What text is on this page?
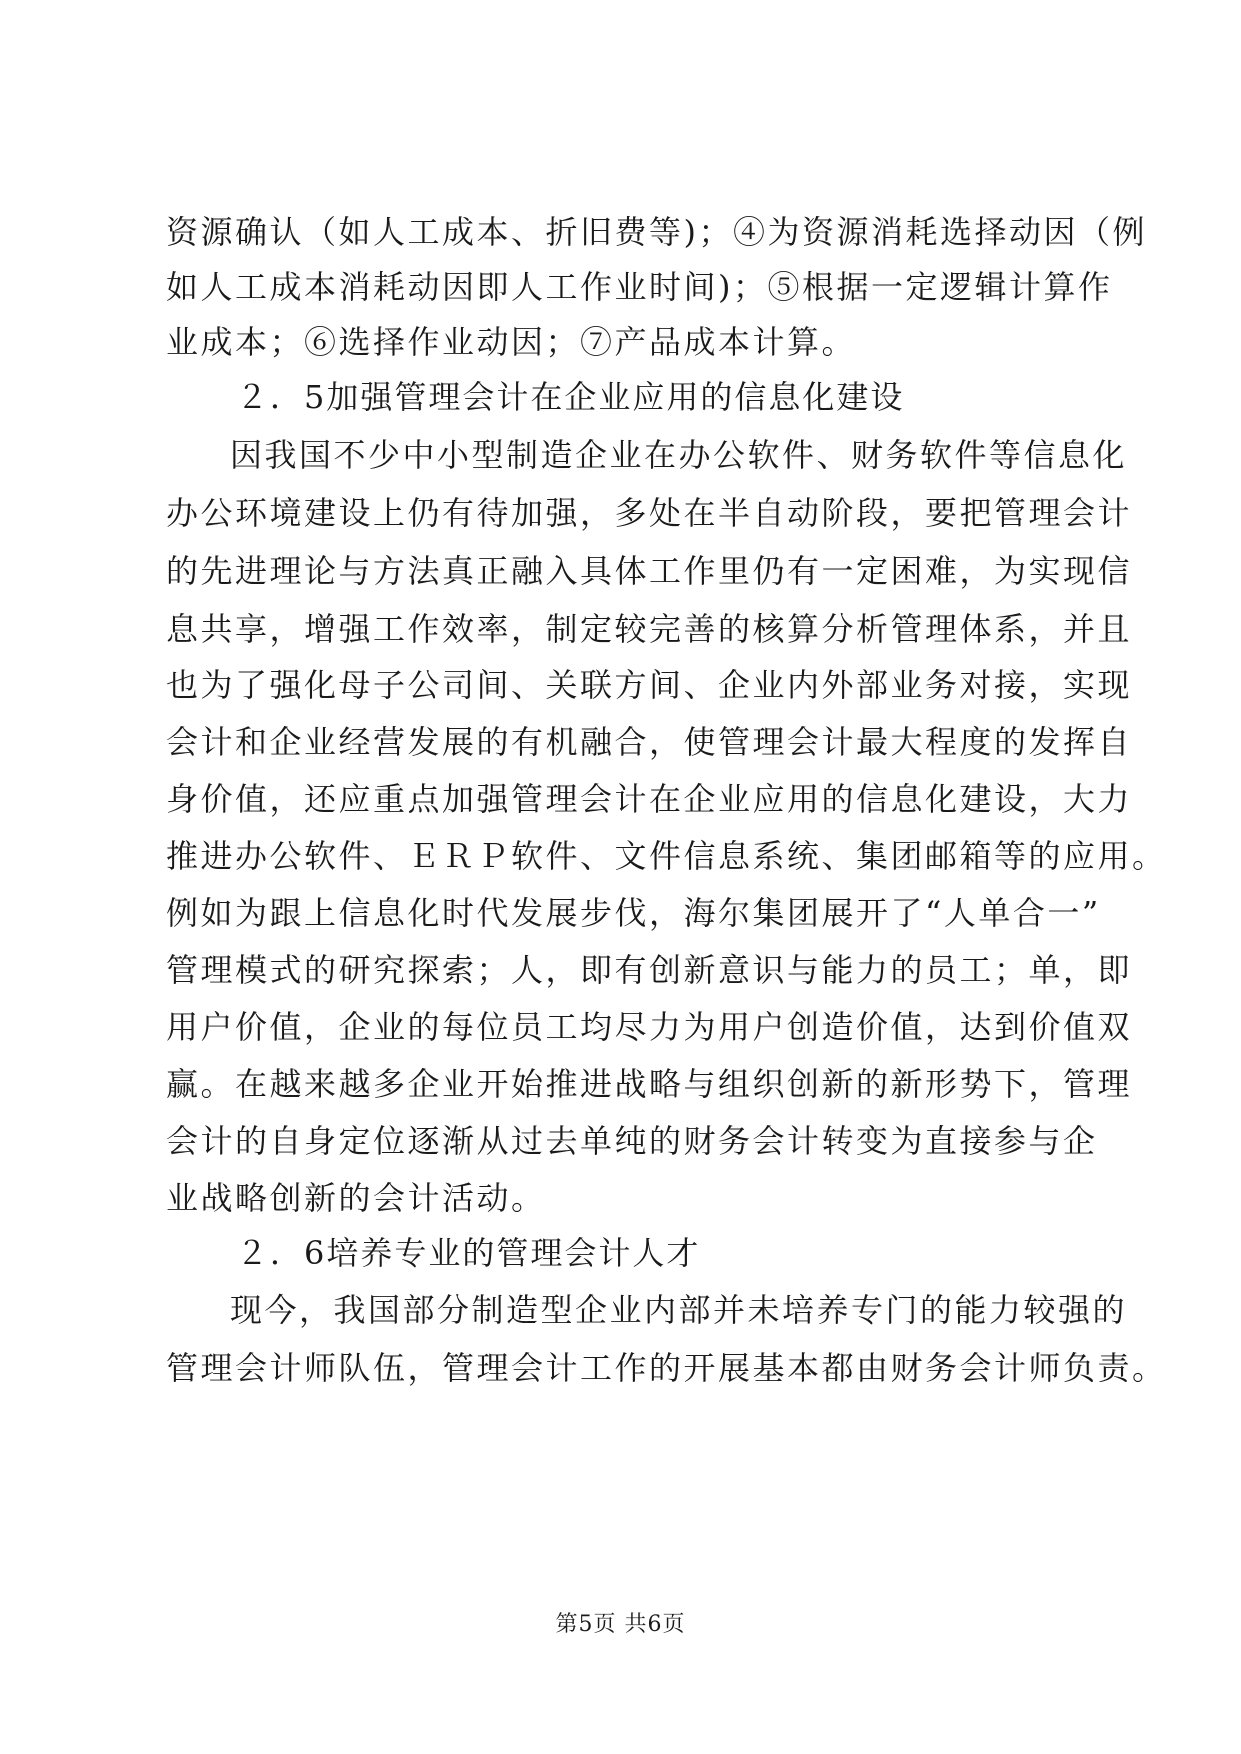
资源确认（如人工成本、折旧费等)；④为资源消耗选择动因（例
如人工成本消耗动因即人工作业时间)；⑤根据一定逻辑计算作
业成本；⑥选择作业动因；⑦产品成本计算。
２．5加强管理会计在企业应用的信息化建设
因我国不少中小型制造企业在办公软件、财务软件等信息化
办公环境建设上仍有待加强，多处在半自动阶段，要把管理会计
的先进理论与方法真正融入具体工作里仍有一定困难，为实现信
息共享，增强工作效率，制定较完善的核算分析管理体系，并且
也为了强化母子公司间、关联方间、企业内外部业务对接，实现
会计和企业经营发展的有机融合，使管理会计最大程度的发挥自
身价值，还应重点加强管理会计在企业应用的信息化建设，大力
推进办公软件、ＥＲＰ软件、文件信息系统、集团邮箱等的应用。
例如为跟上信息化时代发展步伐，海尔集团展开了“人单合一”
管理模式的研究探索；人，即有创新意识与能力的员工；单，即
用户价值，企业的每位员工均尽力为用户创造价值，达到价值双
赢。在越来越多企业开始推进战略与组织创新的新形势下，管理
会计的自身定位逐渐从过去单纯的财务会计转变为直接参与企
业战略创新的会计活动。
２．6培养专业的管理会计人才
现今，我国部分制造型企业内部并未培养专门的能力较强的
管理会计师队伍，管理会计工作的开展基本都由财务会计师负责。
第5页 共6页
